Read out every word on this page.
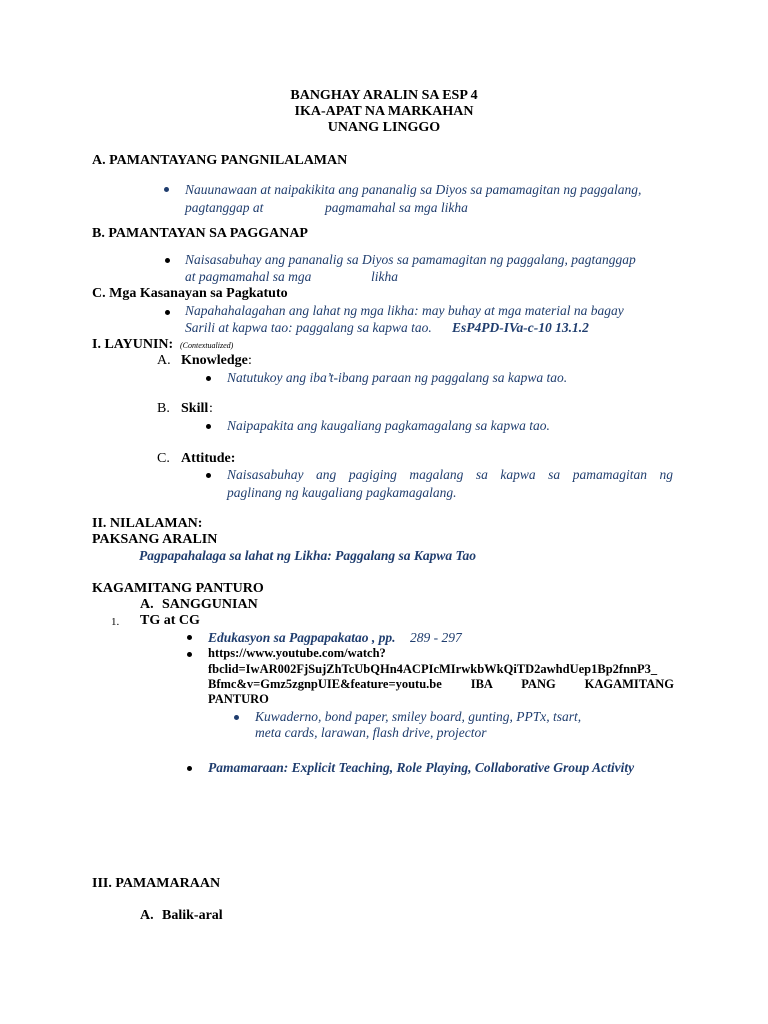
BANGHAY ARALIN SA ESP 4
IKA-APAT NA MARKAHAN
UNANG LINGGO
A. PAMANTAYANG PANGNILALAMAN
Nauunawaan at naipakikita ang pananalig sa Diyos sa pamamagitan ng paggalang,
pagtanggap at	pagmamahal sa mga likha
B. PAMANTAYAN SA PAGGANAP
Naisasabuhay ang pananalig sa Diyos sa pamamagitan ng paggalang, pagtanggap
at pagmamahal sa mga	likha
C. Mga Kasanayan sa Pagkatuto
Napahahalagahan ang lahat ng mga likha: may buhay at mga material na bagay
Sarili at kapwa tao: paggalang sa kapwa tao. EsP4PD-IVa-c-10 13.1.2
I. LAYUNIN: (Contextualized)
A. Knowledge :
Natutukoy ang iba’t-ibang paraan ng paggalang sa kapwa tao.
B. Skill :
Naipapakita ang kaugaliang pagkamagalang sa kapwa tao.
C. Attitude:
Naisasabuhay ang pagiging magalang sa kapwa sa pamamagitan ng
paglinang ng kaugaliang pagkamagalang.
II. NILALAMAN:
PAKSANG ARALIN
Pagpapahalaga sa lahat ng Likha: Paggalang sa Kapwa Tao
KAGAMITANG PANTURO
A. SANGGUNIAN
1. TG at CG
Edukasyon sa Pagpapakatao , pp. 289 - 297
https://www.youtube.com/watch?
fbclid=IwAR002FjSujZhTcUbQHn4ACPIcMIrwkbWkQiTD2awhdUep1Bp2fnnP3_
Bfmc&v=Gmz5zgnpUIE&feature=youtu.be      IBA      PANG      KAGAMITANG
PANTURO
Kuwaderno, bond paper, smiley board, gunting, PPTx, tsart,
meta cards, larawan, flash drive, projector
Pamamaraan: Explicit Teaching, Role Playing, Collaborative Group Activity
III. PAMAMARAAN
A. Balik-aral
